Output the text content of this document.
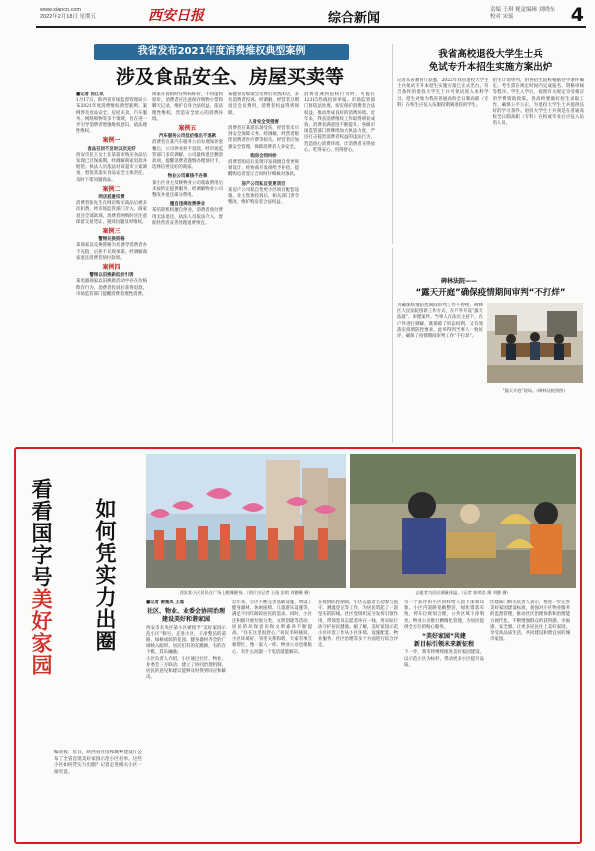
www.xiancn.com
2022年2月18日 星期五	西安日报	综合新闻
责编 王琪 视觉编辑 刘晓东
校对 宋瑶	4
我省发布2021年度消费维权典型案例
涉及食品安全、房屋买卖等
■记者 孙江讯
1月17日，陕西省市场监督管理局公布2021年度消费维权典型案例。案例涉及食品安全、房屋买卖、汽车服务、网络购物等多个领域，旨在进一步引导消费者增强维权意识，依法理性维权。
案例一
食品召回不及时以次充好
西安市民王女士在某超市购买食品后发现已过保质期，经调解商家退款并赔偿。执法人员依法对该超市立案调查，督促其落实食品安全主体责任，及时下架问题商品。
案例二
网店恶意扣费
消费者张先生在网店购买商品后被多次扣费，经市场监管部门介入，商家退还全部款项。消费者网购时应注意保留交易凭证，遇到问题及时维权。
案例三
警惕兑换资格
某商家以兑换资格为名诱导消费者办卡充值，后拒不兑现承诺。经调解商家退还消费者预付款项。
案例四
警惕以旧换新低价引诱
某电器商家以旧换新活动中存在价格欺诈行为，消费者投诉后获得退款。市场监管部门提醒消费者理性消费。
商家在促销时应明码标价，不得虚构原价。消费者应注意保存购物小票和聊天记录，维护自身合法权益，依法理性维权，营造安全放心的消费环境。
案例五
汽车服务公司低价推出不退款
消费者在某汽车服务公司办理保养套餐后，公司停业拒不退款。经市场监管部门多次调解，公司最终退还剩余款项。提醒消费者谨慎办理预付卡，选择信誉良好的商家。
物业公司拿钱不办事
某小区业主反映物业公司收取费用后未按约定提供服务，经调解物业公司整改并退还部分费用。
擅自违规收费停业
某培训机构擅自停业，消费者预付费用无法退还。执法人员依法介入，督促经营者妥善处理退费事宜。
某健身房收取会员费后突然闭店，多名消费者投诉。经调解，经营者分期退还会员费用，消费者权益得到保障。
人身安全受侵害
消费者在某游乐场受伤，经营者未尽到安全保障义务。经调解，经营者赔偿消费者医疗费等损失。经营者应加强安全管理，保障消费者人身安全。
购房合同纠纷
消费者购房后发现开发商擅自变更规划设计，经协商开发商给予补偿。提醒购房者签订合同时仔细核对条款。
房产公司私自变更项目
某房产公司私自变更小区项目配套设施，业主集体投诉后，相关部门责令整改，维护购房者合法权益。
消费者遇到侵权行为时，可拨打12315热线投诉举报。市场监管部门将依法处理，切实保护消费者合法权益，推动形成良好的消费环境。近年来，我省消费维权工作取得明显成效，消费者满意度不断提升。各级市场监管部门将继续加大执法力度，严厉打击侵害消费者权益的违法行为，营造放心消费环境，让消费者买得放心、吃得安心、用得舒心。
我省高校退役大学生士兵
免试专升本招生实施方案出炉
记者从省教育厅获悉，2022年我省退役大学生士兵免试专升本招生实施方案已正式出台。符合条件的退役大学生士兵可免试进入本科学习。招生对象为我省普通高校全日制高职（专科）在校生应征入伍服役期满退役的学生。
招生计划单列，由各招生院校根据办学条件确定。考生需在规定时间内完成报名、资格审核等程序。学生入学后，按照有关规定享受相应的学费资助政策。各高校要做好招生录取工作，确保公平公正，为退役大学生士兵提供良好的学习条件。退役大学生士兵须是在普通高校全日制高职（专科）在校或毕业后应征入伍的人员。
碑林法院——
“露天开庭”确保疫情期间审判“不打烊”
为确保疫情防控期间审判工作不停摆，碑林区人民法院创新工作方式，在户外开设“露天法庭”，审理案件。当事人在法官主持下，在户外进行调解，既保障了诉讼权利，又有效落实疫情防控要求。此举得到当事人一致好评，确保了疫情期间审判工作“不打烊”。
“露天开庭”现场。（碑林法院供图）
看看国字号美好家园 如何凭实力出圈	西安某小区居民在广场上跳舞健身。（图片由记者 王逸 安琪 刘德摄 摄）	志愿者为居民测量体温。（记者 郭鸿浩 摄 刘德 摄）
编者按：近日，陕西省住房和城乡建设厅公布了全省首批美好家园示范小区名单。这些小区如何凭实力出圈？记者走进相关小区一探究竟。
■记者 谢曼凤 王逸
社区、物业、业委会协同治理
建设美好和谐家园
西安市未央区某小区被授予“美好家园示范小区”称号。走进小区，干净整洁的道路、绿树成荫的花园、健身器材齐全的广场映入眼帘。居民们有的在跳舞，有的在下棋，其乐融融。
小区负责人介绍，小区通过社区、物业、业委会三方联动，建立了协同治理机制，居民的意见和建议能够及时得到回应和解决。
近年来，小区不断完善基础设施，增设了健身器材、休闲座椅、儿童游乐设施等，满足不同年龄段居民的需求。同时，小区还积极开展垃圾分类、文明创建等活动，居民的环保意识和文明素养不断提高。“住在这里很舒心。”居民李阿姨说，小区环境好、邻里关系和谐，大家有事互相帮忙，像一家人一样。物业公司也很贴心，有什么问题一个电话就能解决。
在疫情防控期间，小区志愿者主动参与值守、测温登记等工作，为居民筑起了一道坚实的防线。社区党组织充分发挥引领作用，带领党员志愿者冲在一线，用实际行动守护居民健康。据了解，美好家园示范小区评选工作从小区环境、设施配套、物业服务、社区治理等多个方面进行综合评定。
另一个获评的小区同样给人留下深刻印象。小区内道路宽敞整洁，绿化错落有致，停车位规划合理，公共区域干净明亮。物业公司推行精细化管理，为居民提供全方位的贴心服务。
“美好家园”共建
新目标引领未来新征程
下一步，我市将继续推进美好家园建设，以示范小区为标杆，带动更多小区提升品质。
住建部门相关负责人表示，将进一步完善美好家园建设标准，加强对小区物业服务的监督管理，推动社区治理体系和治理能力现代化，不断增强群众的获得感、幸福感、安全感。让更多居民住上美好家园，享受高品质生活，共同建设和谐宜居的城市家园。
